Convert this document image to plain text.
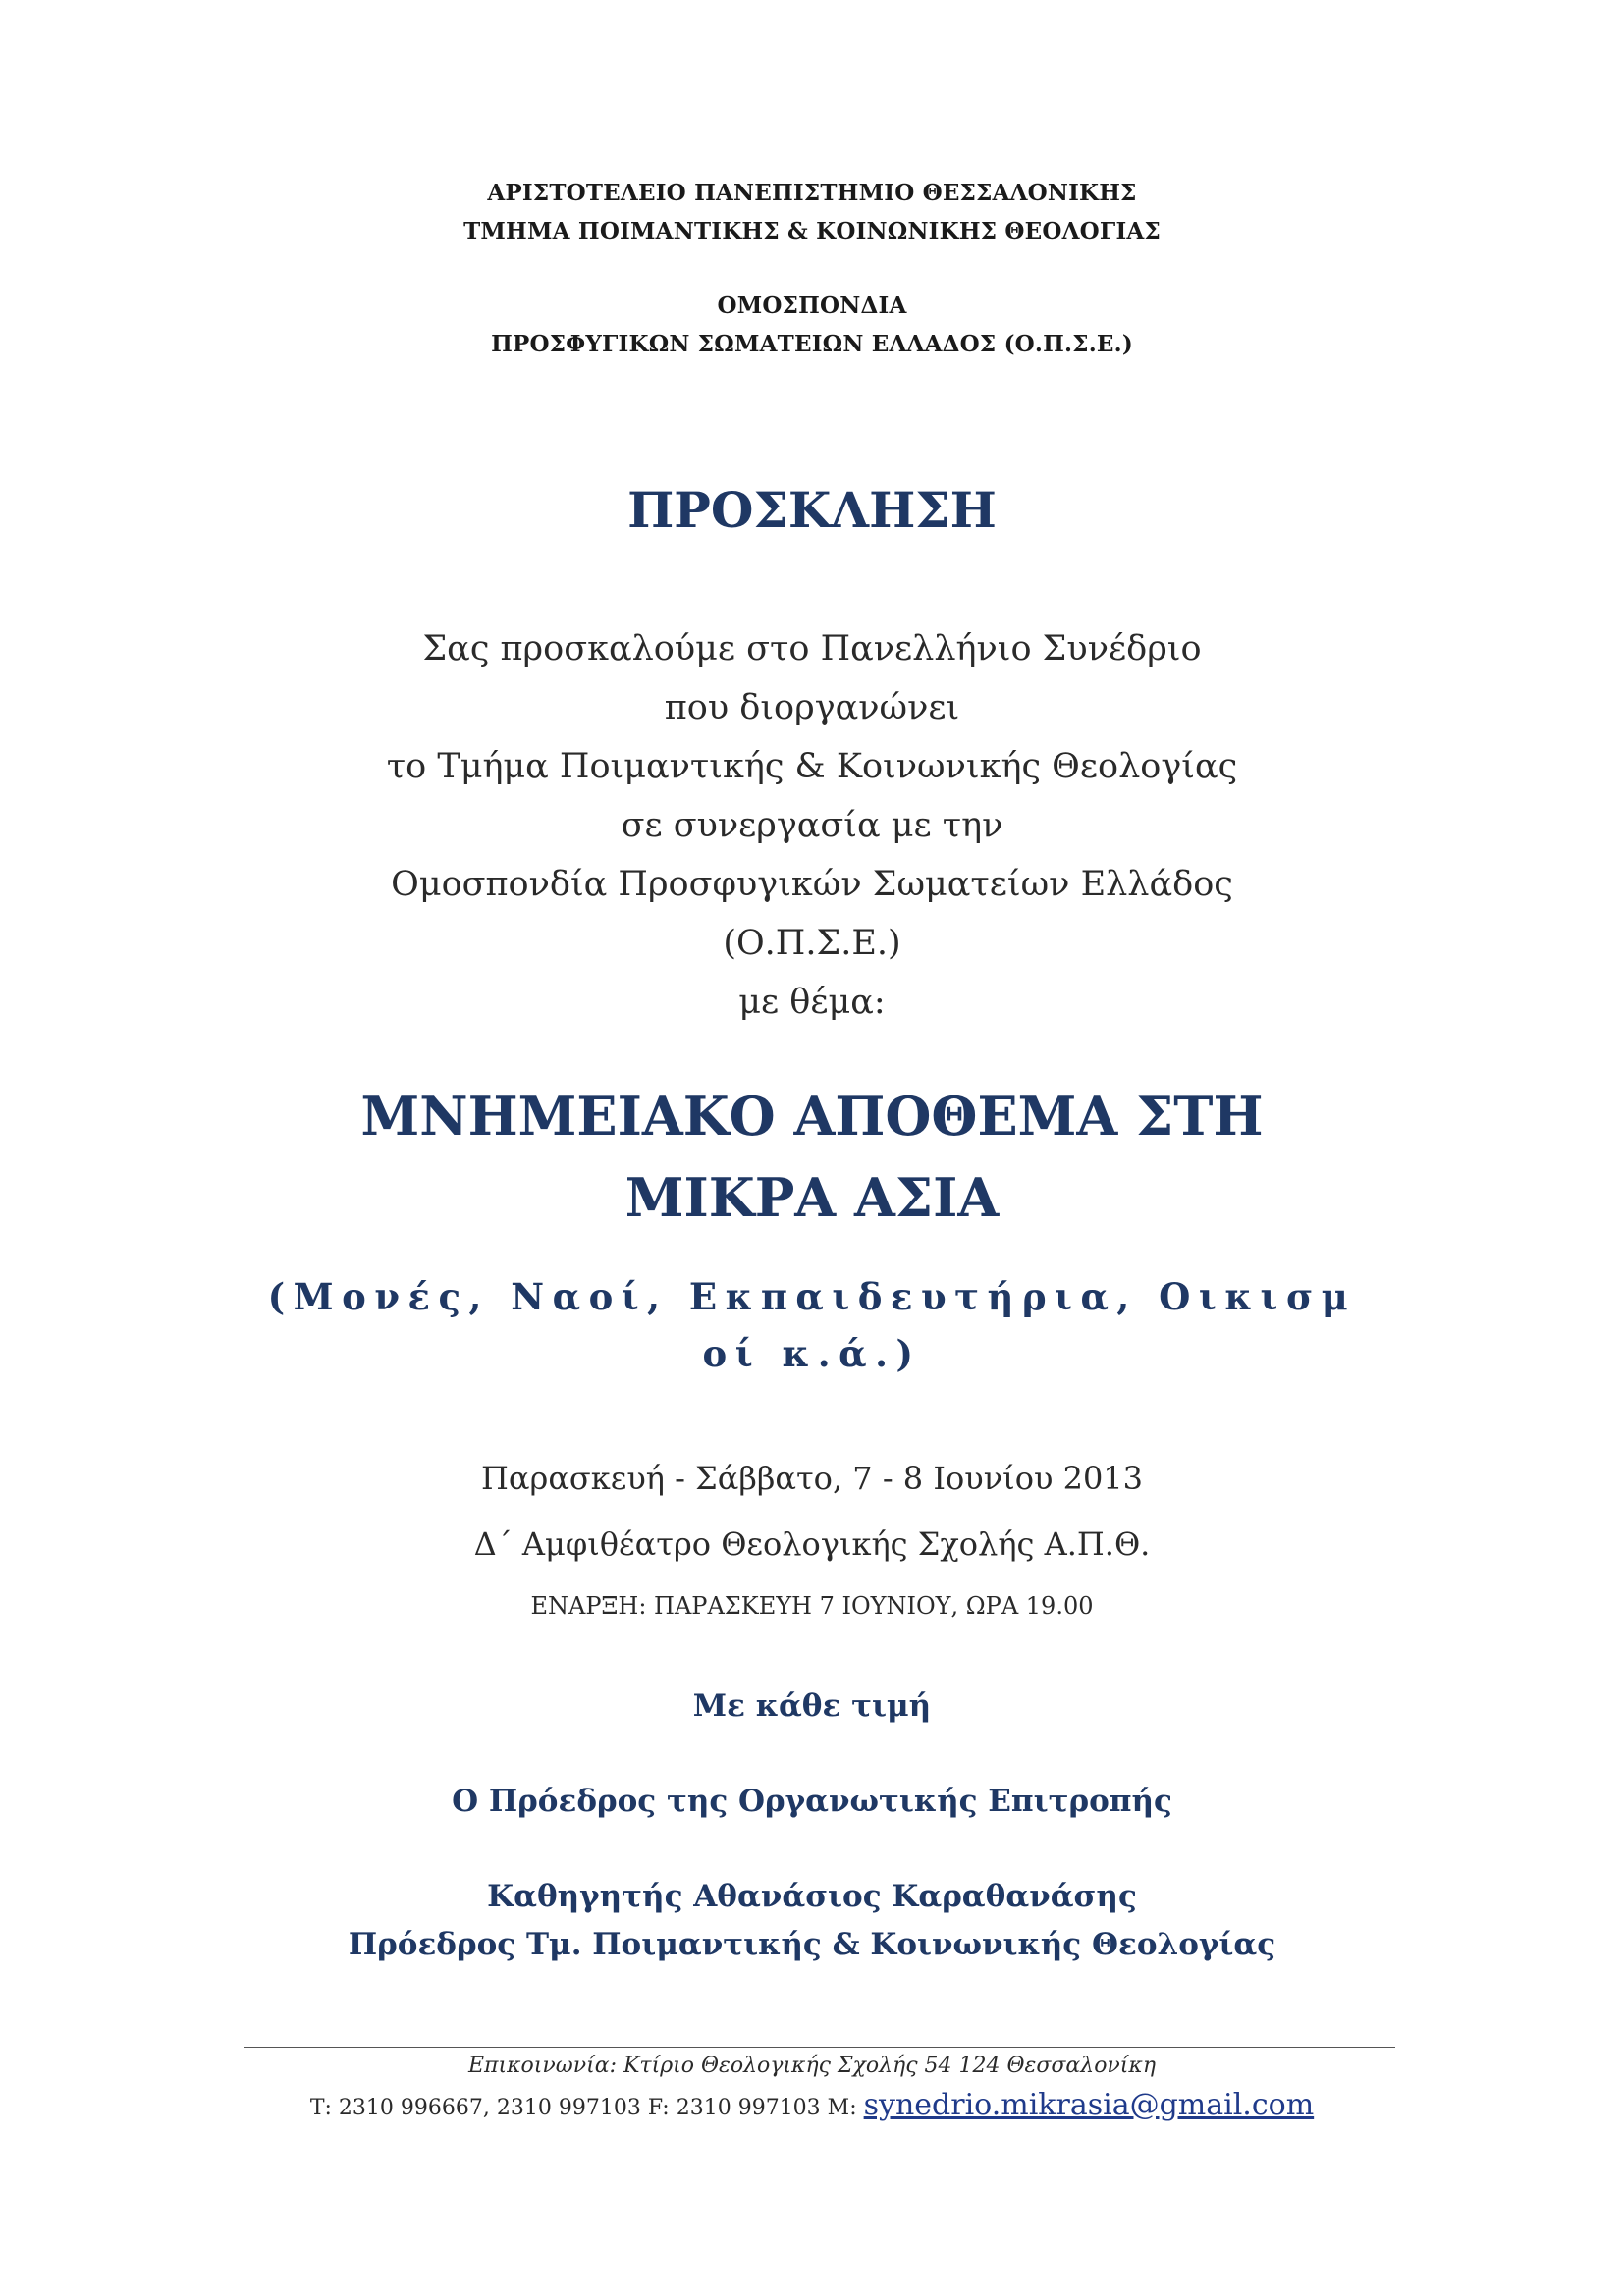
ΑΡΙΣΤΟΤΕΛΕΙΟ ΠΑΝΕΠΙΣΤΗΜΙΟ ΘΕΣΣΑΛΟΝΙΚΗΣ
ΤΜΗΜΑ ΠΟΙΜΑΝΤΙΚΗΣ & ΚΟΙΝΩΝΙΚΗΣ ΘΕΟΛΟΓΙΑΣ
ΟΜΟΣΠΟΝΔΙΑ
ΠΡΟΣΦΥΓΙΚΩΝ ΣΩΜΑΤΕΙΩΝ ΕΛΛΑΔΟΣ (Ο.Π.Σ.Ε.)
ΠΡΟΣΚΛΗΣΗ
Σας προσκαλούμε στο Πανελλήνιο Συνέδριο
που διοργανώνει
το Τμήμα Ποιμαντικής & Κοινωνικής Θεολογίας
σε συνεργασία με την
Ομοσπονδία Προσφυγικών Σωματείων Ελλάδος
(Ο.Π.Σ.Ε.)
με θέμα:
ΜΝΗΜΕΙΑΚΟ ΑΠΟΘΕΜΑ ΣΤΗ
ΜΙΚΡΑ ΑΣΙΑ
(Μονές, Ναοί, Εκπαιδευτήρια, Οικισμ
οί κ.ά.)
Παρασκευή - Σάββατο, 7 - 8 Ιουνίου 2013
Δ΄ Αμφιθέατρο Θεολογικής Σχολής Α.Π.Θ.
ΕΝΑΡΞΗ: ΠΑΡΑΣΚΕΥΗ 7 ΙΟΥΝΙΟΥ, ΩΡΑ 19.00
Με κάθε τιμή
Ο Πρόεδρος της Οργανωτικής Επιτροπής
Καθηγητής Αθανάσιος Καραθανάσης
Πρόεδρος Τμ. Ποιμαντικής & Κοινωνικής Θεολογίας
Επικοινωνία: Κτίριο Θεολογικής Σχολής 54 124 Θεσσαλονίκη
Τ: 2310 996667, 2310 997103 F: 2310 997103 M: synedrio.mikrasia@gmail.com
